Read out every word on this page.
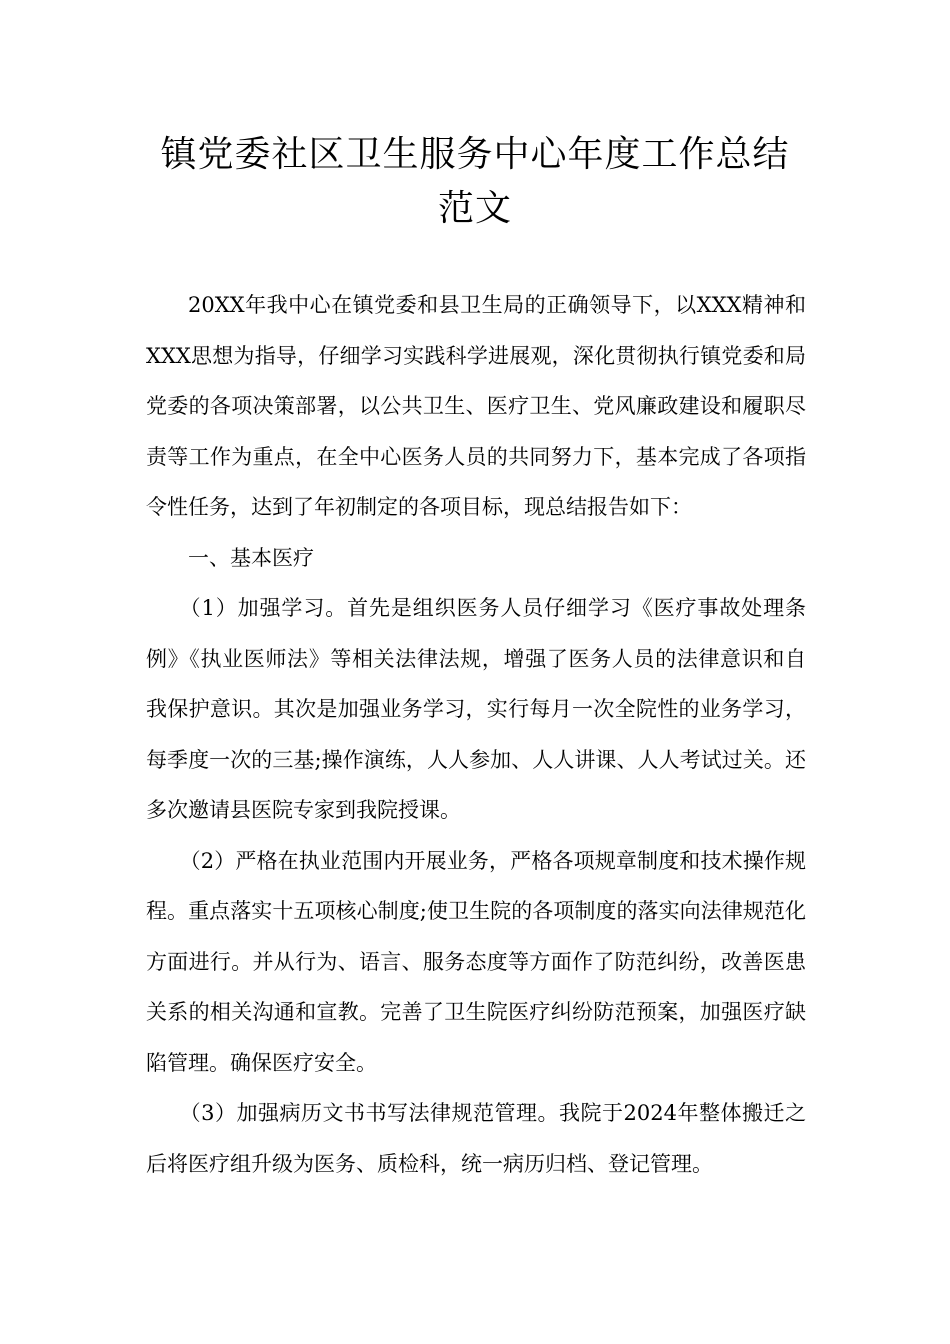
镇党委社区卫生服务中心年度工作总结
范文

20XX年我中心在镇党委和县卫生局的正确领导下，以XXX精神和XXX思想为指导，仔细学习实践科学进展观，深化贯彻执行镇党委和局党委的各项决策部署，以公共卫生、医疗卫生、党风廉政建设和履职尽责等工作为重点，在全中心医务人员的共同努力下，基本完成了各项指令性任务，达到了年初制定的各项目标，现总结报告如下：

一、基本医疗

（1）加强学习。首先是组织医务人员仔细学习《医疗事故处理条例》《执业医师法》等相关法律法规，增强了医务人员的法律意识和自我保护意识。其次是加强业务学习，实行每月一次全院性的业务学习，每季度一次的三基;操作演练，人人参加、人人讲课、人人考试过关。还多次邀请县医院专家到我院授课。

（2）严格在执业范围内开展业务，严格各项规章制度和技术操作规程。重点落实十五项核心制度;使卫生院的各项制度的落实向法律规范化方面进行。并从行为、语言、服务态度等方面作了防范纠纷，改善医患关系的相关沟通和宣教。完善了卫生院医疗纠纷防范预案，加强医疗缺陷管理。确保医疗安全。

（3）加强病历文书书写法律规范管理。我院于2024年整体搬迁之后将医疗组升级为医务、质检科，统一病历归档、登记管理。
